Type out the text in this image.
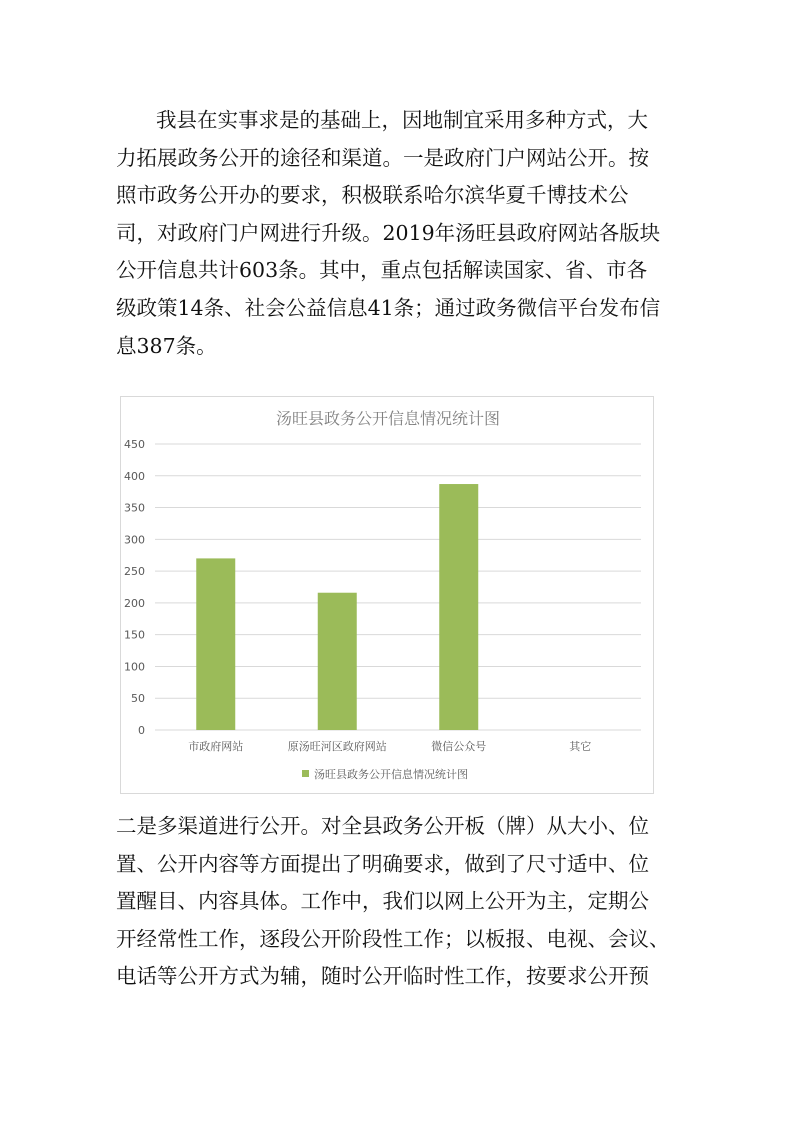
我县在实事求是的基础上，因地制宜采用多种方式，大
力拓展政务公开的途径和渠道。一是政府门户网站公开。按
照市政务公开办的要求，积极联系哈尔滨华夏千博技术公
司，对政府门户网进行升级。2019年汤旺县政府网站各版块
公开信息共计603条。其中，重点包括解读国家、省、市各
级政策14条、社会公益信息41条；通过政务微信平台发布信
息387条。
汤旺县政务公开信息情况统计图
0
50
100
150
200
250
300
350
400
450
市政府网站	原汤旺河区政府网站	微信公众号	其它
汤旺县政务公开信息情况统计图
二是多渠道进行公开。对全县政务公开板（牌）从大小、位
置、公开内容等方面提出了明确要求，做到了尺寸适中、位
置醒目、内容具体。工作中，我们以网上公开为主，定期公
开经常性工作，逐段公开阶段性工作；以板报、电视、会议、
电话等公开方式为辅，随时公开临时性工作，按要求公开预
